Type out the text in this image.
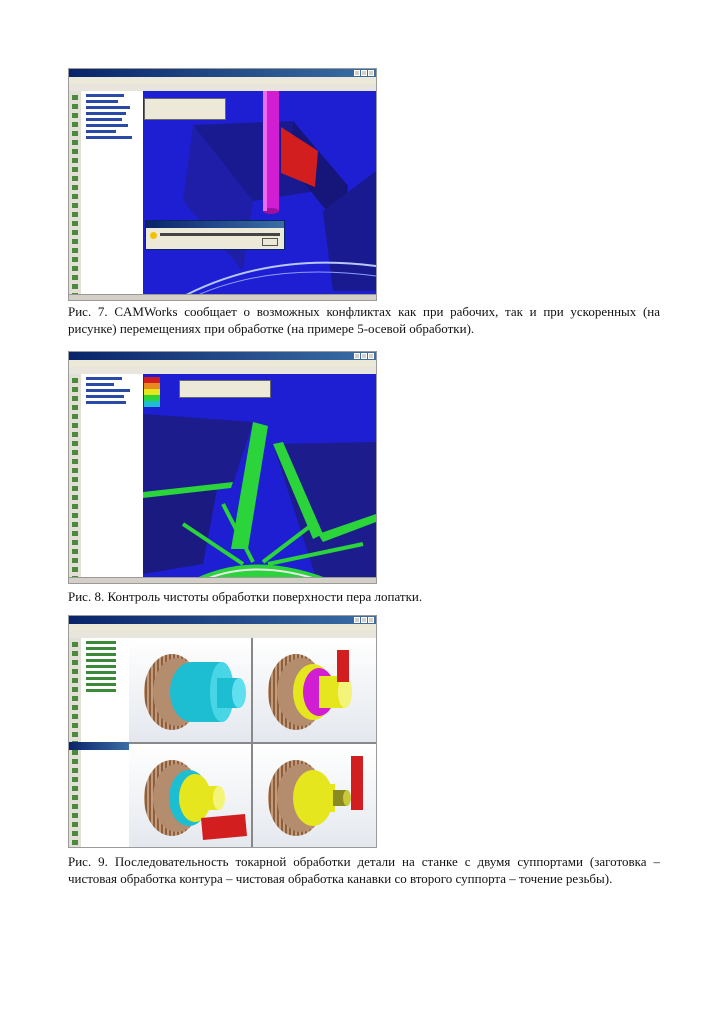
Рис. 7. CAMWorks сообщает о возможных конфликтах как при рабочих, так и при ускоренных (на рисунке) перемещениях при обработке (на примере 5-осевой обработки).

Рис. 8. Контроль чистоты обработки поверхности пера лопатки.

Рис. 9. Последовательность токарной обработки детали на станке с двумя суппортами (заготовка – чистовая обработка контура – чистовая обработка канавки со второго суппорта – точение резьбы).
